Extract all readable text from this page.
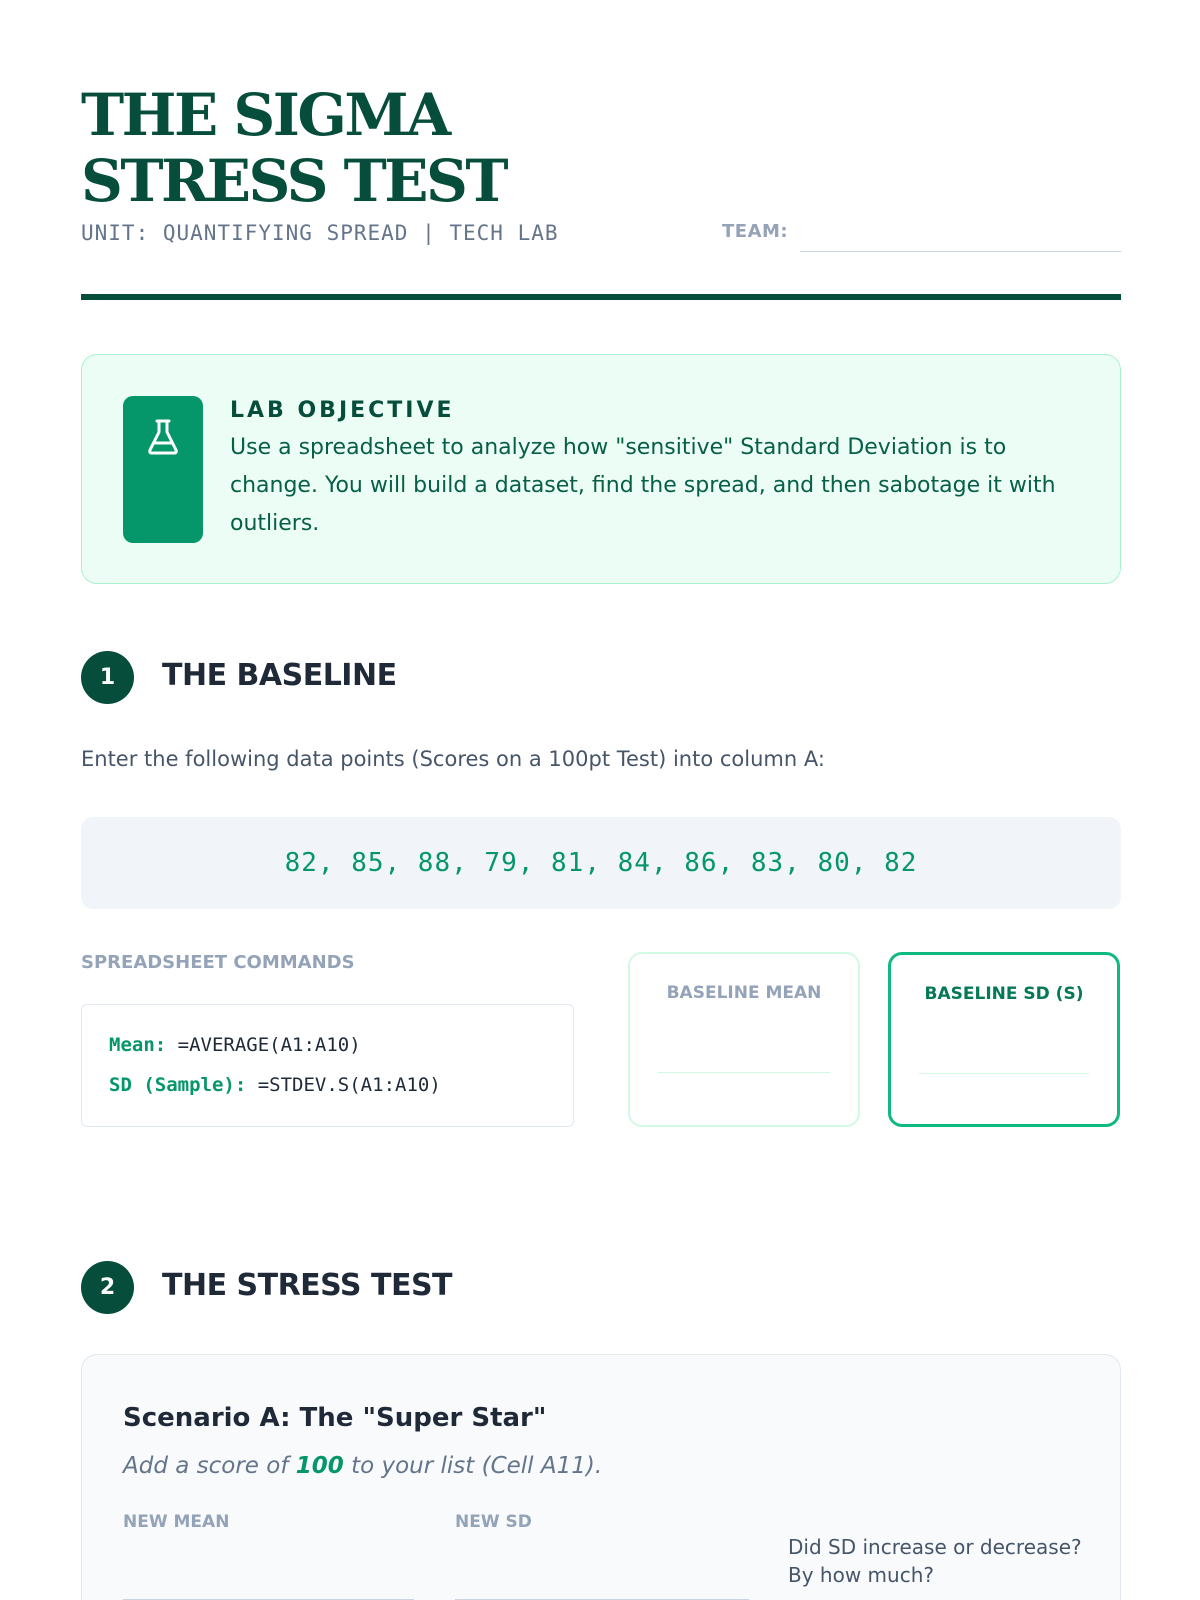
THE SIGMA STRESS TEST
UNIT: QUANTIFYING SPREAD | TECH LAB	TEAM:
LAB OBJECTIVE

Use a spreadsheet to analyze how "sensitive" Standard Deviation is to change. You will build a dataset, find the spread, and then sabotage it with outliers.

1	THE BASELINE

Enter the following data points (Scores on a 100pt Test) into column A:

82, 85, 88, 79, 81, 84, 86, 83, 80, 82
SPREADSHEET COMMANDS
Mean: =AVERAGE(A1:A10)
SD (Sample): =STDEV.S(A1:A10)
BASELINE MEAN	BASELINE SD (S)
2	THE STRESS TEST
Scenario A: The "Super Star"
Add a score of 100 to your list (Cell A11).
NEW MEAN	NEW SD
Did SD increase or decrease? By how much?
